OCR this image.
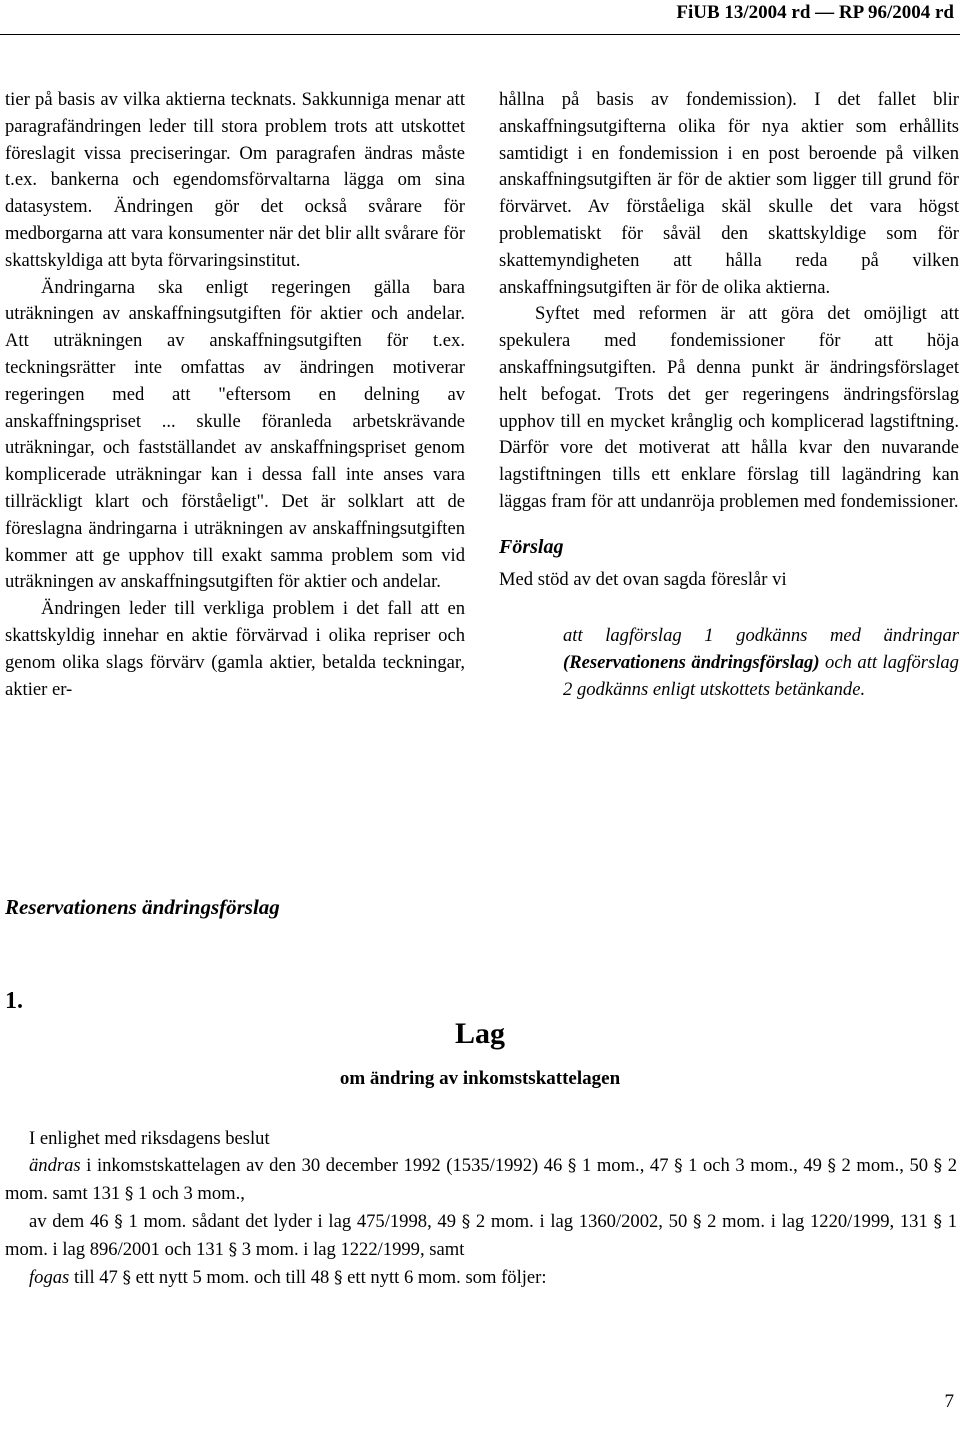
FiUB 13/2004 rd — RP 96/2004 rd

tier på basis av vilka aktierna tecknats. Sakkunniga menar att paragrafändringen leder till stora problem trots att utskottet föreslagit vissa preciseringar. Om paragrafen ändras måste t.ex. bankerna och egendomsförvaltarna lägga om sina datasystem. Ändringen gör det också svårare för medborgarna att vara konsumenter när det blir allt svårare för skattskyldiga att byta förvaringsinstitut.

Ändringarna ska enligt regeringen gälla bara uträkningen av anskaffningsutgiften för aktier och andelar. Att uträkningen av anskaffningsutgiften för t.ex. teckningsrätter inte omfattas av ändringen motiverar regeringen med att "eftersom en delning av anskaffningspriset ... skulle föranleda arbetskrävande uträkningar, och fastställandet av anskaffningspriset genom komplicerade uträkningar kan i dessa fall inte anses vara tillräckligt klart och förståeligt". Det är solklart att de föreslagna ändringarna i uträkningen av anskaffningsutgiften kommer att ge upphov till exakt samma problem som vid uträkningen av anskaffningsutgiften för aktier och andelar.

Ändringen leder till verkliga problem i det fall att en skattskyldig innehar en aktie förvärvad i olika repriser och genom olika slags förvärv (gamla aktier, betalda teckningar, aktier er-

hållna på basis av fondemission). I det fallet blir anskaffningsutgifterna olika för nya aktier som erhållits samtidigt i en fondemission i en post beroende på vilken anskaffningsutgiften är för de aktier som ligger till grund för förvärvet. Av förståeliga skäl skulle det vara högst problematiskt för såväl den skattskyldige som för skattemyndigheten att hålla reda på vilken anskaffningsutgiften är för de olika aktierna.

Syftet med reformen är att göra det omöjligt att spekulera med fondemissioner för att höja anskaffningsutgiften. På denna punkt är ändringsförslaget helt befogat. Trots det ger regeringens ändringsförslag upphov till en mycket krånglig och komplicerad lagstiftning. Därför vore det motiverat att hålla kvar den nuvarande lagstiftningen tills ett enklare förslag till lagändring kan läggas fram för att undanröja problemen med fondemissioner.

Förslag

Med stöd av det ovan sagda föreslår vi

att lagförslag 1 godkänns med ändringar (Reservationens ändringsförslag) och att lagförslag 2 godkänns enligt utskottets betänkande.

Reservationens ändringsförslag
1.
Lag
om ändring av inkomstskattelagen

I enlighet med riksdagens beslut

ändras i inkomstskattelagen av den 30 december 1992 (1535/1992) 46 § 1 mom., 47 § 1 och 3 mom., 49 § 2 mom., 50 § 2 mom. samt 131 § 1 och 3 mom.,

av dem 46 § 1 mom. sådant det lyder i lag 475/1998, 49 § 2 mom. i lag 1360/2002, 50 § 2 mom. i lag 1220/1999, 131 § 1 mom. i lag 896/2001 och 131 § 3 mom. i lag 1222/1999, samt

fogas till 47 § ett nytt 5 mom. och till 48 § ett nytt 6 mom. som följer:

7
